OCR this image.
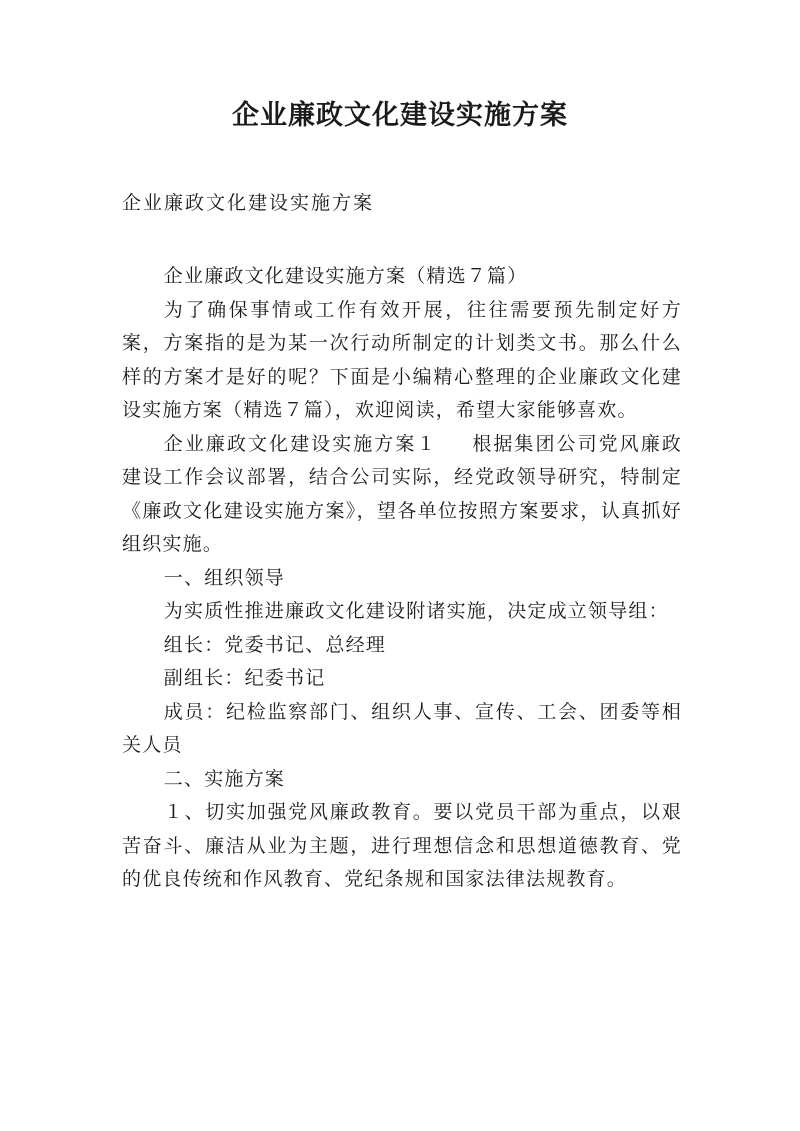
企业廉政文化建设实施方案
企业廉政文化建设实施方案

企业廉政文化建设实施方案（精选７篇）

为了确保事情或工作有效开展，往往需要预先制定好方案，方案指的是为某一次行动所制定的计划类文书。那么什么样的方案才是好的呢？下面是小编精心整理的企业廉政文化建设实施方案（精选７篇），欢迎阅读，希望大家能够喜欢。

企业廉政文化建设实施方案１ 根据集团公司党风廉政建设工作会议部署，结合公司实际，经党政领导研究，特制定《廉政文化建设实施方案》，望各单位按照方案要求，认真抓好组织实施。

一、组织领导

为实质性推进廉政文化建设附诸实施，决定成立领导组：

组长：党委书记、总经理

副组长：纪委书记

成员：纪检监察部门、组织人事、宣传、工会、团委等相关人员

二、实施方案

１、切实加强党风廉政教育。要以党员干部为重点，以艰苦奋斗、廉洁从业为主题，进行理想信念和思想道德教育、党的优良传统和作风教育、党纪条规和国家法律法规教育。
